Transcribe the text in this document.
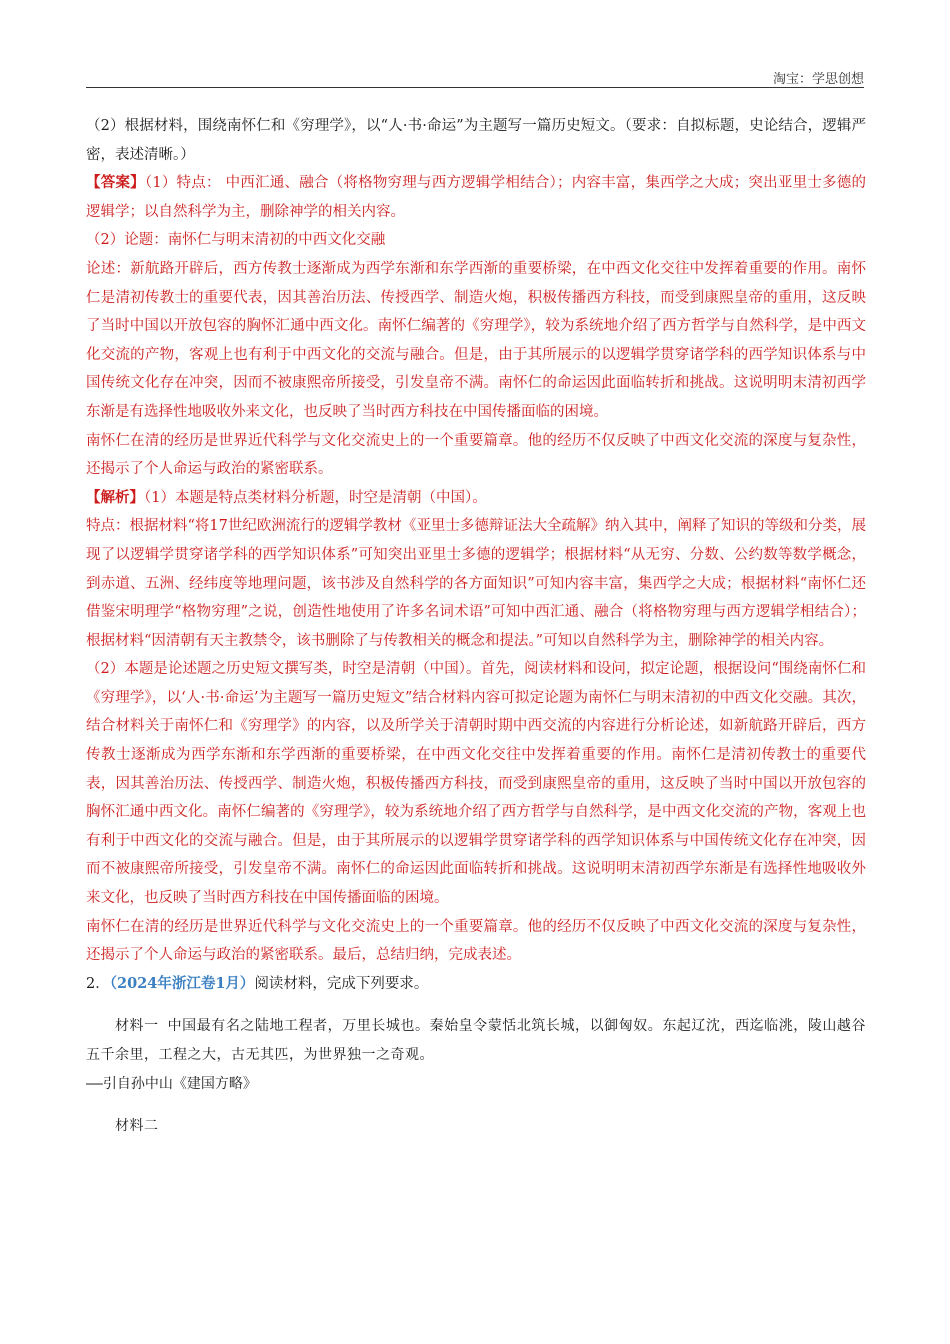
淘宝：学思创想

（2）根据材料，围绕南怀仁和《穷理学》，以“人·书·命运”为主题写一篇历史短文。（要求：自拟标题，史论结合，逻辑严密，表述清晰。）

【答案】（1）特点： 中西汇通、融合（将格物穷理与西方逻辑学相结合）；内容丰富，集西学之大成；突出亚里士多德的逻辑学；以自然科学为主，删除神学的相关内容。

（2）论题：南怀仁与明末清初的中西文化交融

论述：新航路开辟后，西方传教士逐渐成为西学东渐和东学西渐的重要桥梁，在中西文化交往中发挥着重要的作用。南怀仁是清初传教士的重要代表，因其善治历法、传授西学、制造火炮，积极传播西方科技，而受到康熙皇帝的重用，这反映了当时中国以开放包容的胸怀汇通中西文化。南怀仁编著的《穷理学》，较为系统地介绍了西方哲学与自然科学，是中西文化交流的产物，客观上也有利于中西文化的交流与融合。但是，由于其所展示的以逻辑学贯穿诸学科的西学知识体系与中国传统文化存在冲突，因而不被康熙帝所接受，引发皇帝不满。南怀仁的命运因此面临转折和挑战。这说明明末清初西学东渐是有选择性地吸收外来文化，也反映了当时西方科技在中国传播面临的困境。

南怀仁在清的经历是世界近代科学与文化交流史上的一个重要篇章。他的经历不仅反映了中西文化交流的深度与复杂性，还揭示了个人命运与政治的紧密联系。

【解析】（1）本题是特点类材料分析题，时空是清朝（中国）。

特点：根据材料“将17世纪欧洲流行的逻辑学教材《亚里士多德辩证法大全疏解》纳入其中，阐释了知识的等级和分类，展现了以逻辑学贯穿诸学科的西学知识体系”可知突出亚里士多德的逻辑学；根据材料“从无穷、分数、公约数等数学概念，到赤道、五洲、经纬度等地理问题，该书涉及自然科学的各方面知识”可知内容丰富，集西学之大成；根据材料“南怀仁还借鉴宋明理学“格物穷理”之说，创造性地使用了许多名词术语”可知中西汇通、融合（将格物穷理与西方逻辑学相结合）；根据材料“因清朝有天主教禁令，该书删除了与传教相关的概念和提法。”可知以自然科学为主，删除神学的相关内容。

（2）本题是论述题之历史短文撰写类，时空是清朝（中国）。首先，阅读材料和设问，拟定论题，根据设问“围绕南怀仁和《穷理学》，以‘人·书·命运’为主题写一篇历史短文”结合材料内容可拟定论题为南怀仁与明末清初的中西文化交融。其次，结合材料关于南怀仁和《穷理学》的内容，以及所学关于清朝时期中西交流的内容进行分析论述，如新航路开辟后，西方传教士逐渐成为西学东渐和东学西渐的重要桥梁，在中西文化交往中发挥着重要的作用。南怀仁是清初传教士的重要代表，因其善治历法、传授西学、制造火炮，积极传播西方科技，而受到康熙皇帝的重用，这反映了当时中国以开放包容的胸怀汇通中西文化。南怀仁编著的《穷理学》，较为系统地介绍了西方哲学与自然科学，是中西文化交流的产物，客观上也有利于中西文化的交流与融合。但是，由于其所展示的以逻辑学贯穿诸学科的西学知识体系与中国传统文化存在冲突，因而不被康熙帝所接受，引发皇帝不满。南怀仁的命运因此面临转折和挑战。这说明明末清初西学东渐是有选择性地吸收外来文化，也反映了当时西方科技在中国传播面临的困境。

南怀仁在清的经历是世界近代科学与文化交流史上的一个重要篇章。他的经历不仅反映了中西文化交流的深度与复杂性，还揭示了个人命运与政治的紧密联系。最后，总结归纳，完成表述。

2．（2024年浙江卷1月）阅读材料，完成下列要求。

材料一 中国最有名之陆地工程者，万里长城也。秦始皇令蒙恬北筑长城，以御匈奴。东起辽沈，西迄临洮，陵山越谷五千余里，工程之大，古无其匹，为世界独一之奇观。

——引自孙中山《建国方略》

材料二
